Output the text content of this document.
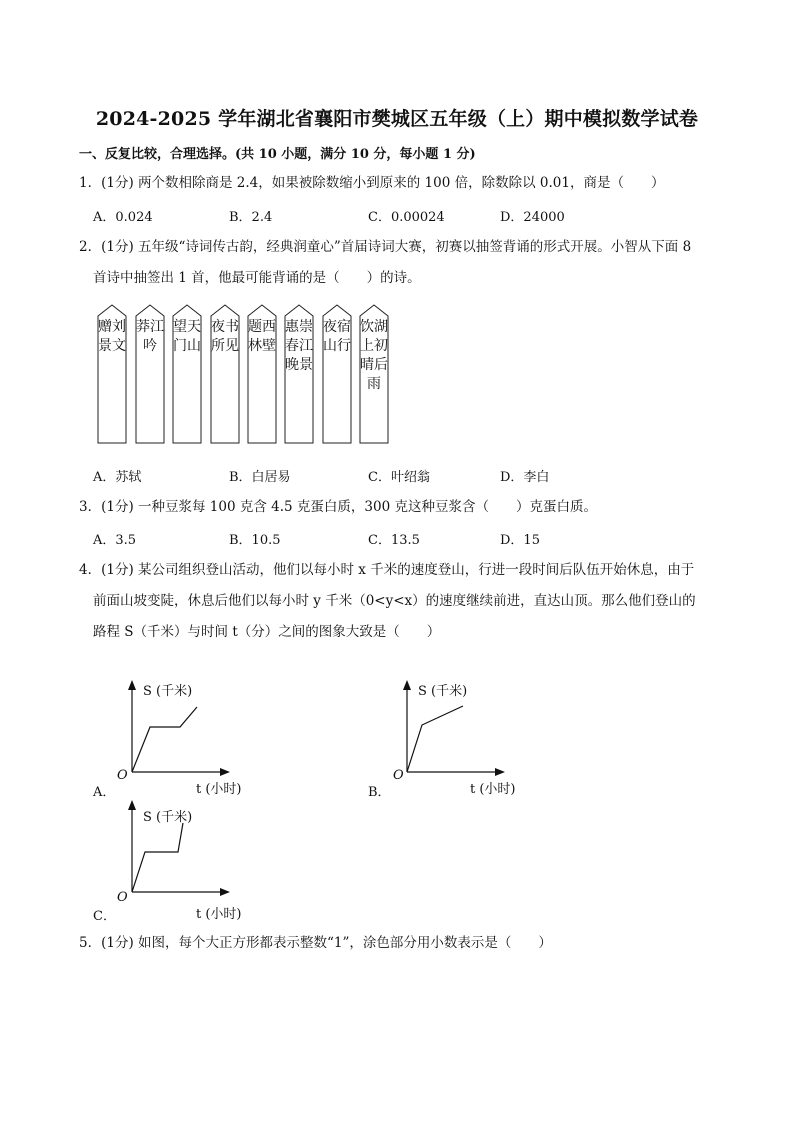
2024-2025 学年湖北省襄阳市樊城区五年级（上）期中模拟数学试卷
一、反复比较，合理选择。(共 10 小题，满分 10 分，每小题 1 分)
1．(1分) 两个数相除商是 2.4，如果被除数缩小到原来的 100 倍，除数除以 0.01，商是（　　）
A．0.024	B．2.4	C．0.00024	D．24000
2．(1分) 五年级“诗词传古韵，经典润童心”首届诗词大赛，初赛以抽签背诵的形式开展。小智从下面 8
首诗中抽签出 1 首，他最可能背诵的是（　　）的诗。
赠刘景文
莽江吟
望天门山
夜书所见
题西林壁
惠崇春江晚景
夜宿山行
饮湖上初晴后雨
A．苏轼	B．白居易	C．叶绍翁	D．李白
3．(1分) 一种豆浆每 100 克含 4.5 克蛋白质，300 克这种豆浆含（　　）克蛋白质。
A．3.5	B．10.5	C．13.5	D．15
4．(1分) 某公司组织登山活动，他们以每小时 x 千米的速度登山，行进一段时间后队伍开始休息，由于
前面山坡变陡，休息后他们以每小时 y 千米（0<y<x）的速度继续前进，直达山顶。那么他们登山的
路程 S（千米）与时间 t（分）之间的图象大致是（　　）
S (千米)
O
t (小时)
A．
S (千米)
O
t (小时)
B．
S (千米)
O
t (小时)
C．
5．(1分) 如图，每个大正方形都表示整数“1”，涂色部分用小数表示是（　　）
